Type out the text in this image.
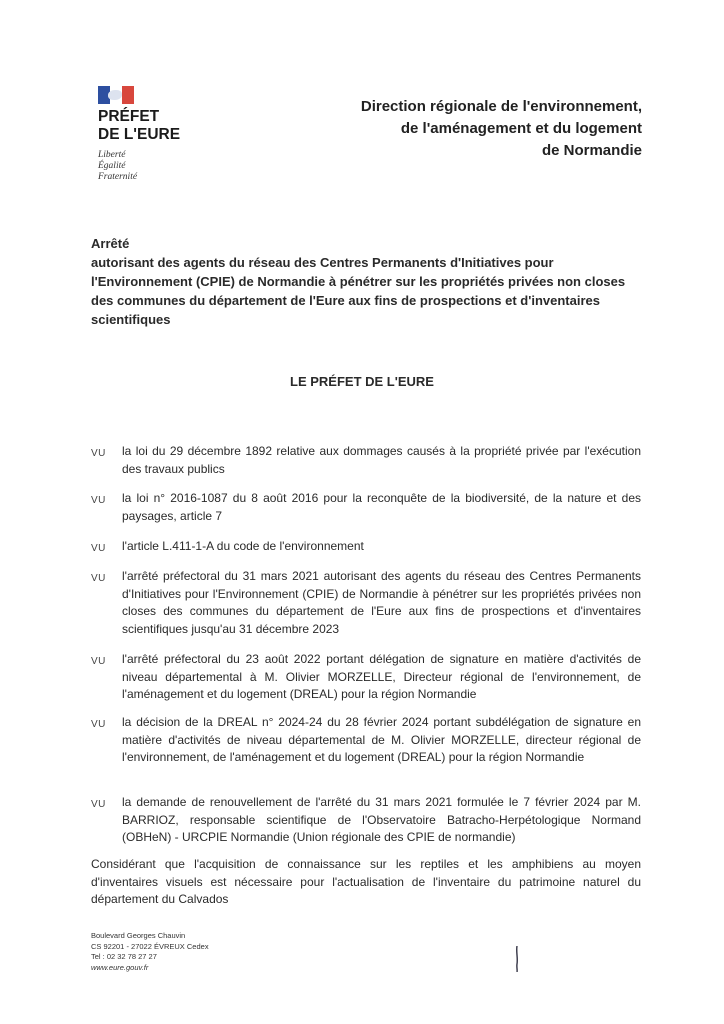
PRÉFET
DE L'EURE
Liberté
Égalité
Fraternité
Direction régionale de l'environnement,
de l'aménagement et du logement
de Normandie
Arrêté
autorisant des agents du réseau des Centres Permanents d'Initiatives pour l'Environnement (CPIE) de Normandie à pénétrer sur les propriétés privées non closes des communes du département de l'Eure aux fins de prospections et d'inventaires scientifiques
LE PRÉFET DE L'EURE
VU la loi du 29 décembre 1892 relative aux dommages causés à la propriété privée par l'exécution des travaux publics
VU la loi n° 2016-1087 du 8 août 2016 pour la reconquête de la biodiversité, de la nature et des paysages, article 7
VU l'article L.411-1-A du code de l'environnement
VU l'arrêté préfectoral du 31 mars 2021 autorisant des agents du réseau des Centres Permanents d'Initiatives pour l'Environnement (CPIE) de Normandie à pénétrer sur les propriétés privées non closes des communes du département de l'Eure aux fins de prospections et d'inventaires scientifiques jusqu'au 31 décembre 2023
VU l'arrêté préfectoral du 23 août 2022 portant délégation de signature en matière d'activités de niveau départemental à M. Olivier MORZELLE, Directeur régional de l'environnement, de l'aménagement et du logement (DREAL) pour la région Normandie
VU la décision de la DREAL n° 2024-24 du 28 février 2024 portant subdélégation de signature en matière d'activités de niveau départemental de M. Olivier MORZELLE, directeur régional de l'environnement, de l'aménagement et du logement (DREAL) pour la région Normandie
VU la demande de renouvellement de l'arrêté du 31 mars 2021 formulée le 7 février 2024 par M. BARRIOZ, responsable scientifique de l'Observatoire Batracho-Herpétologique Normand (OBHeN) - URCPIE Normandie (Union régionale des CPIE de normandie)
Considérant que l'acquisition de connaissance sur les reptiles et les amphibiens au moyen d'inventaires visuels est nécessaire pour l'actualisation de l'inventaire du patrimoine naturel du département du Calvados
Boulevard Georges Chauvin
CS 92201 - 27022 ÉVREUX Cedex
Tel : 02 32 78 27 27
www.eure.gouv.fr
